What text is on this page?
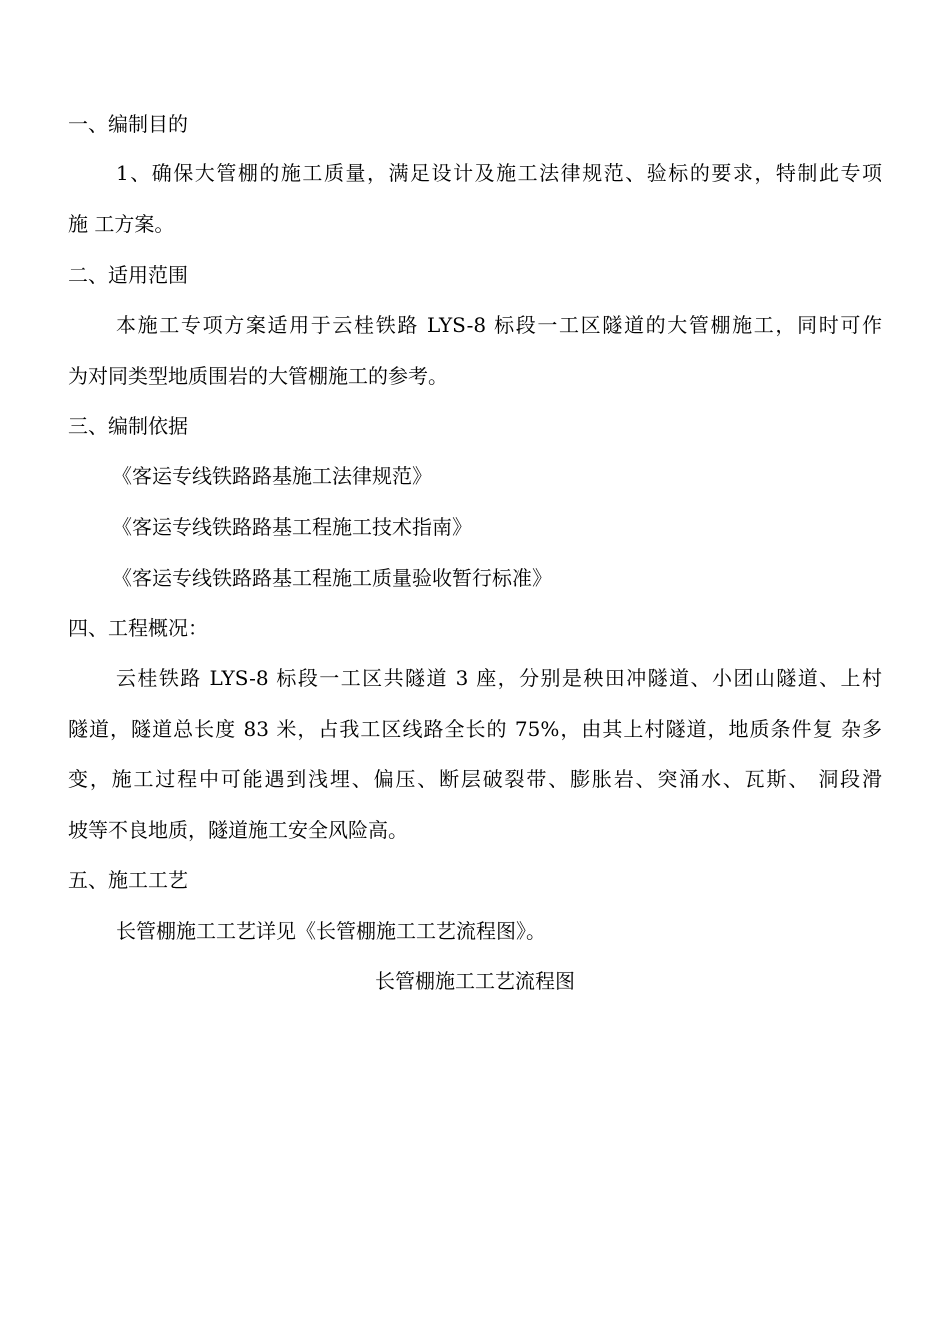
一、编制目的
1、确保大管棚的施工质量，满足设计及施工法律规范、验标的要求，特制此专项
施 工方案。
二、适用范围
本施工专项方案适用于云桂铁路 LYS-8 标段一工区隧道的大管棚施工，同时可作
为对同类型地质围岩的大管棚施工的参考。
三、编制依据
《客运专线铁路路基施工法律规范》
《客运专线铁路路基工程施工技术指南》
《客运专线铁路路基工程施工质量验收暂行标准》
四、工程概况：
云桂铁路 LYS-8 标段一工区共隧道 3 座，分别是秧田冲隧道、小团山隧道、上村
隧道，隧道总长度 83 米，占我工区线路全长的 75%，由其上村隧道，地质条件复 杂多
变，施工过程中可能遇到浅埋、偏压、断层破裂带、膨胀岩、突涌水、瓦斯、 洞段滑
坡等不良地质，隧道施工安全风险高。
五、施工工艺
长管棚施工工艺详见《长管棚施工工艺流程图》。
长管棚施工工艺流程图
